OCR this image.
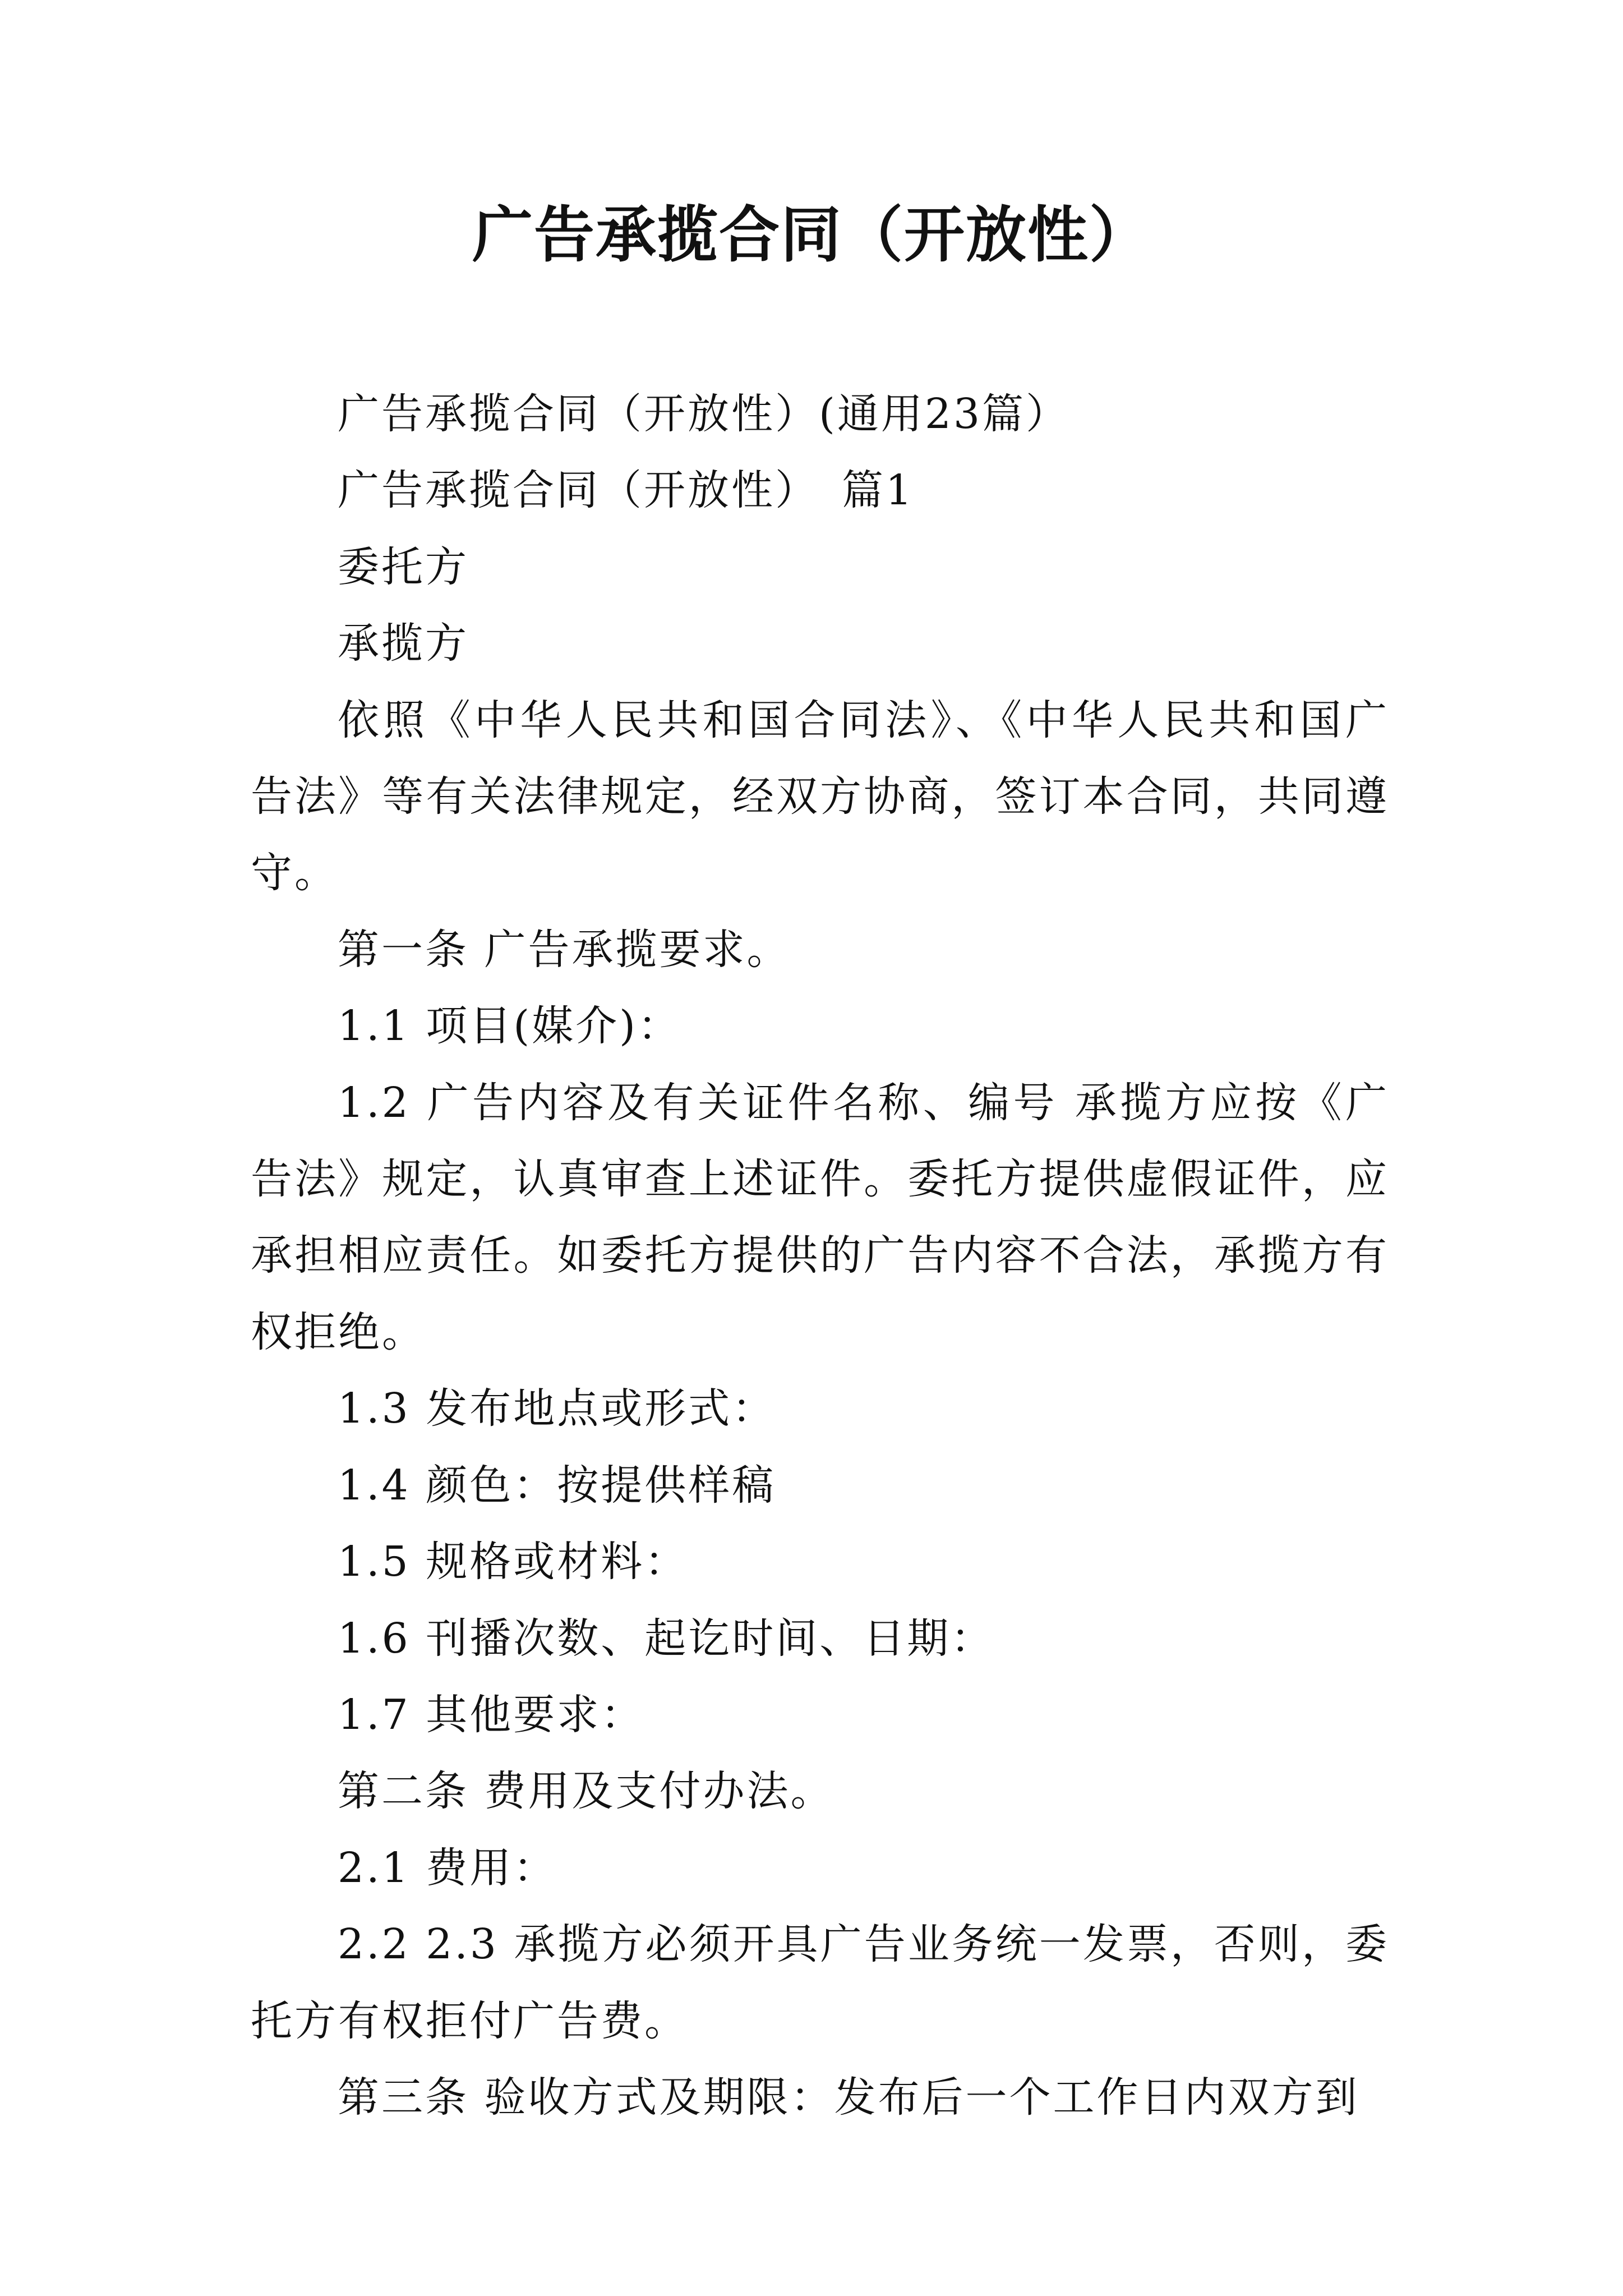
广告承揽合同（开放性）

广告承揽合同（开放性）(通用23篇）

广告承揽合同（开放性）　篇1

委托方

承揽方

依照《中华人民共和国合同法》、《中华人民共和国广告法》等有关法律规定，经双方协商，签订本合同，共同遵守。

第一条 广告承揽要求。

1.1 项目(媒介)：

1.2 广告内容及有关证件名称、编号 承揽方应按《广告法》规定，认真审查上述证件。委托方提供虚假证件，应承担相应责任。如委托方提供的广告内容不合法，承揽方有权拒绝。

1.3 发布地点或形式：

1.4 颜色：按提供样稿

1.5 规格或材料：

1.6 刊播次数、起讫时间、日期：

1.7 其他要求：

第二条 费用及支付办法。

2.1 费用：

2.2 2.3 承揽方必须开具广告业务统一发票，否则，委托方有权拒付广告费。

第三条 验收方式及期限：发布后一个工作日内双方到
